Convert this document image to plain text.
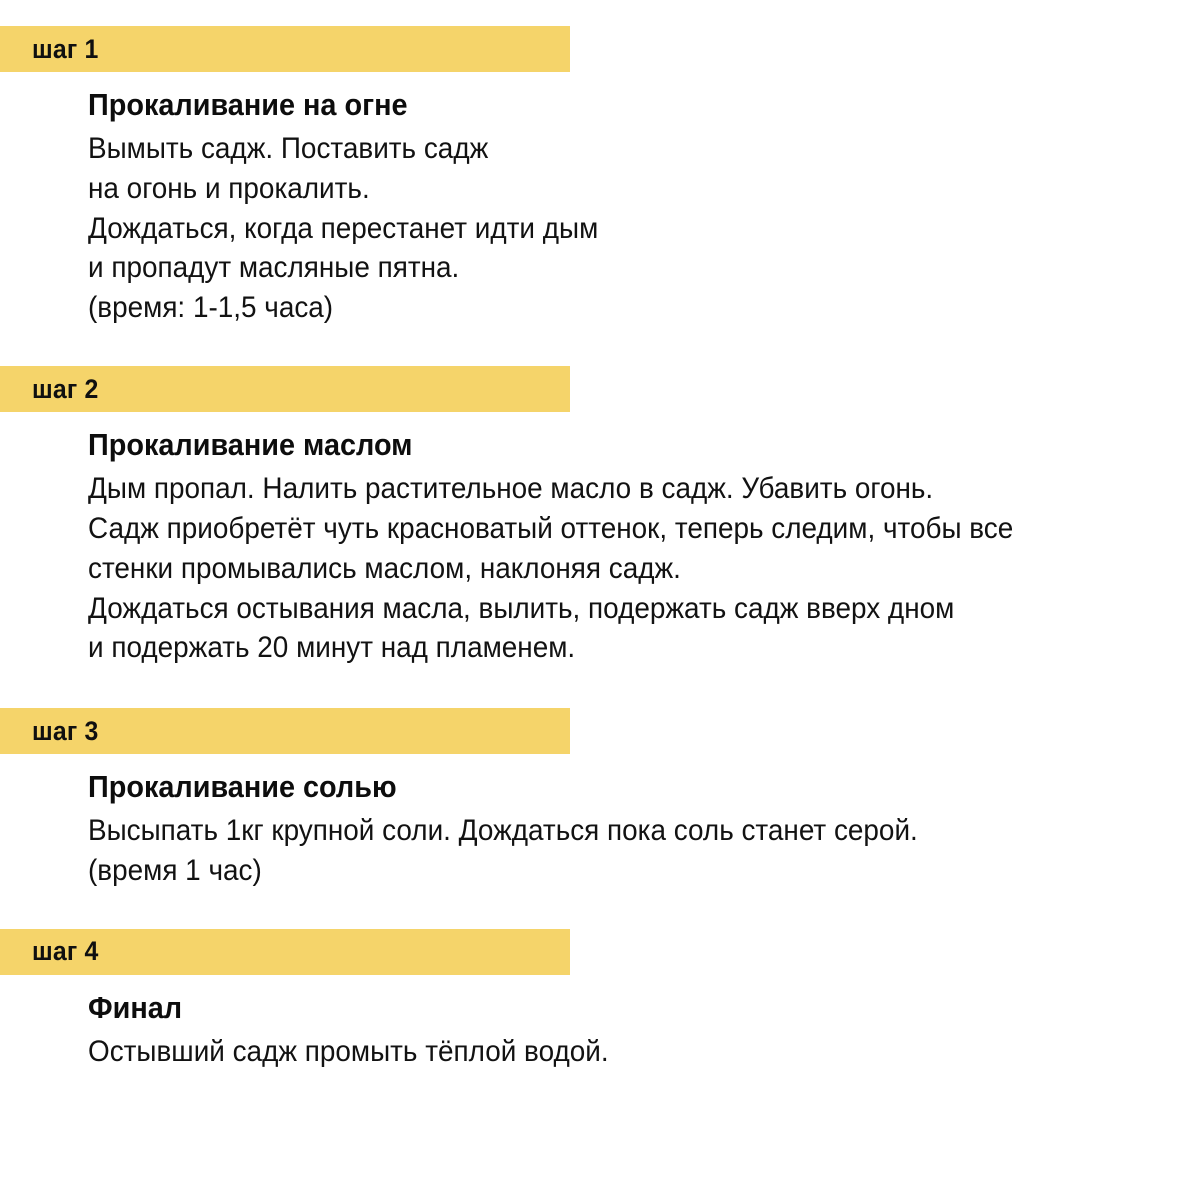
шаг 1
Прокаливание на огне
Вымыть садж. Поставить садж
на огонь и прокалить.
Дождаться, когда перестанет идти дым
и пропадут масляные пятна.
(время: 1-1,5 часа)
шаг 2
Прокаливание маслом
Дым пропал. Налить растительное масло в садж. Убавить огонь.
Садж приобретёт чуть красноватый оттенок, теперь следим, чтобы все
стенки промывались маслом, наклоняя садж.
Дождаться остывания масла, вылить, подержать садж вверх дном
и подержать 20 минут над пламенем.
шаг 3
Прокаливание солью
Высыпать 1кг крупной соли. Дождаться пока соль станет серой.
(время 1 час)
шаг 4
Финал
Остывший садж промыть тёплой водой.
